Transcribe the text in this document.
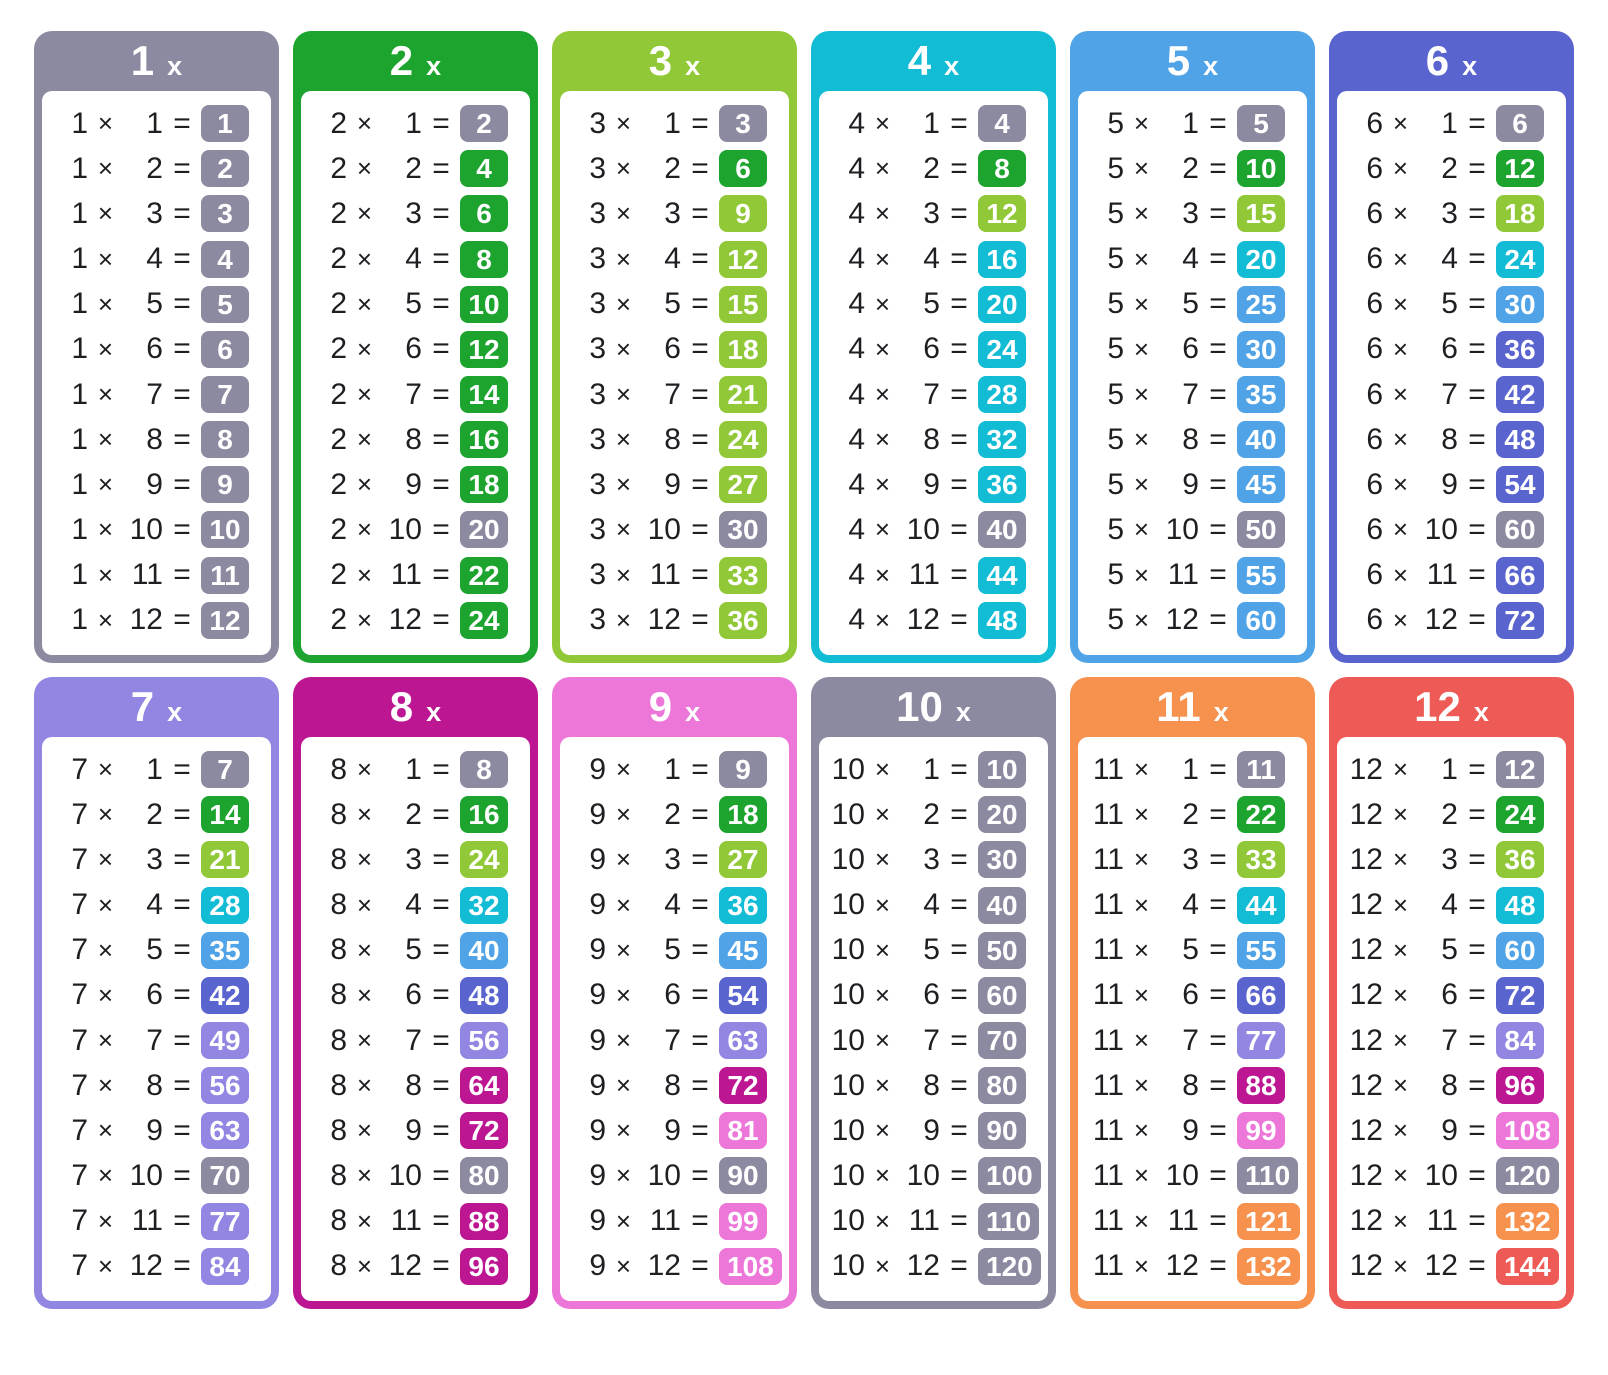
1 x
1 ×	1 = 1
1 ×	2 = 2
1 ×	3 = 3
1 ×	4 = 4
1 ×	5 = 5
1 ×	6 = 6
1 ×	7 = 7
1 ×	8 = 8
1 ×	9 = 9
1 × 10 = 10
1 × 11 = 11
1 × 12 = 12
2 x
2 ×	1 = 2
2 ×	2 = 4
2 ×	3 = 6
2 ×	4 = 8
2 ×	5 = 10
2 ×	6 = 12
2 ×	7 = 14
2 ×	8 = 16
2 ×	9 = 18
2 × 10 = 20
2 × 11 = 22
2 × 12 = 24
3 x
3 ×	1 = 3
3 ×	2 = 6
3 ×	3 = 9
3 ×	4 = 12
3 ×	5 = 15
3 ×	6 = 18
3 ×	7 = 21
3 ×	8 = 24
3 ×	9 = 27
3 × 10 = 30
3 × 11 = 33
3 × 12 = 36
4 x
4 ×	1 = 4
4 ×	2 = 8
4 ×	3 = 12
4 ×	4 = 16
4 ×	5 = 20
4 ×	6 = 24
4 ×	7 = 28
4 ×	8 = 32
4 ×	9 = 36
4 × 10 = 40
4 × 11 = 44
4 × 12 = 48
5 x
5 ×	1 = 5
5 ×	2 = 10
5 ×	3 = 15
5 ×	4 = 20
5 ×	5 = 25
5 ×	6 = 30
5 ×	7 = 35
5 ×	8 = 40
5 ×	9 = 45
5 × 10 = 50
5 × 11 = 55
5 × 12 = 60
6 x
6 ×	1 = 6
6 ×	2 = 12
6 ×	3 = 18
6 ×	4 = 24
6 ×	5 = 30
6 ×	6 = 36
6 ×	7 = 42
6 ×	8 = 48
6 ×	9 = 54
6 × 10 = 60
6 × 11 = 66
6 × 12 = 72
7 x
7 ×	1 = 7
7 ×	2 = 14
7 ×	3 = 21
7 ×	4 = 28
7 ×	5 = 35
7 ×	6 = 42
7 ×	7 = 49
7 ×	8 = 56
7 ×	9 = 63
7 × 10 = 70
7 × 11 = 77
7 × 12 = 84
8 x
8 ×	1 = 8
8 ×	2 = 16
8 ×	3 = 24
8 ×	4 = 32
8 ×	5 = 40
8 ×	6 = 48
8 ×	7 = 56
8 ×	8 = 64
8 ×	9 = 72
8 × 10 = 80
8 × 11 = 88
8 × 12 = 96
9 x
9 ×	1 = 9
9 ×	2 = 18
9 ×	3 = 27
9 ×	4 = 36
9 ×	5 = 45
9 ×	6 = 54
9 ×	7 = 63
9 ×	8 = 72
9 ×	9 = 81
9 × 10 = 90
9 × 11 = 99
9 × 12 = 108
10 x
10 ×	1 = 10
10 ×	2 = 20
10 ×	3 = 30
10 ×	4 = 40
10 ×	5 = 50
10 ×	6 = 60
10 ×	7 = 70
10 ×	8 = 80
10 ×	9 = 90
10 × 10 = 100
10 × 11 = 110
10 × 12 = 120
11 x
11 ×	1 = 11
11 ×	2 = 22
11 ×	3 = 33
11 ×	4 = 44
11 ×	5 = 55
11 ×	6 = 66
11 ×	7 = 77
11 ×	8 = 88
11 ×	9 = 99
11 × 10 = 110
11 × 11 = 121
11 × 12 = 132
12 x
12 ×	1 = 12
12 ×	2 = 24
12 ×	3 = 36
12 ×	4 = 48
12 ×	5 = 60
12 ×	6 = 72
12 ×	7 = 84
12 ×	8 = 96
12 ×	9 = 108
12 × 10 = 120
12 × 11 = 132
12 × 12 = 144
